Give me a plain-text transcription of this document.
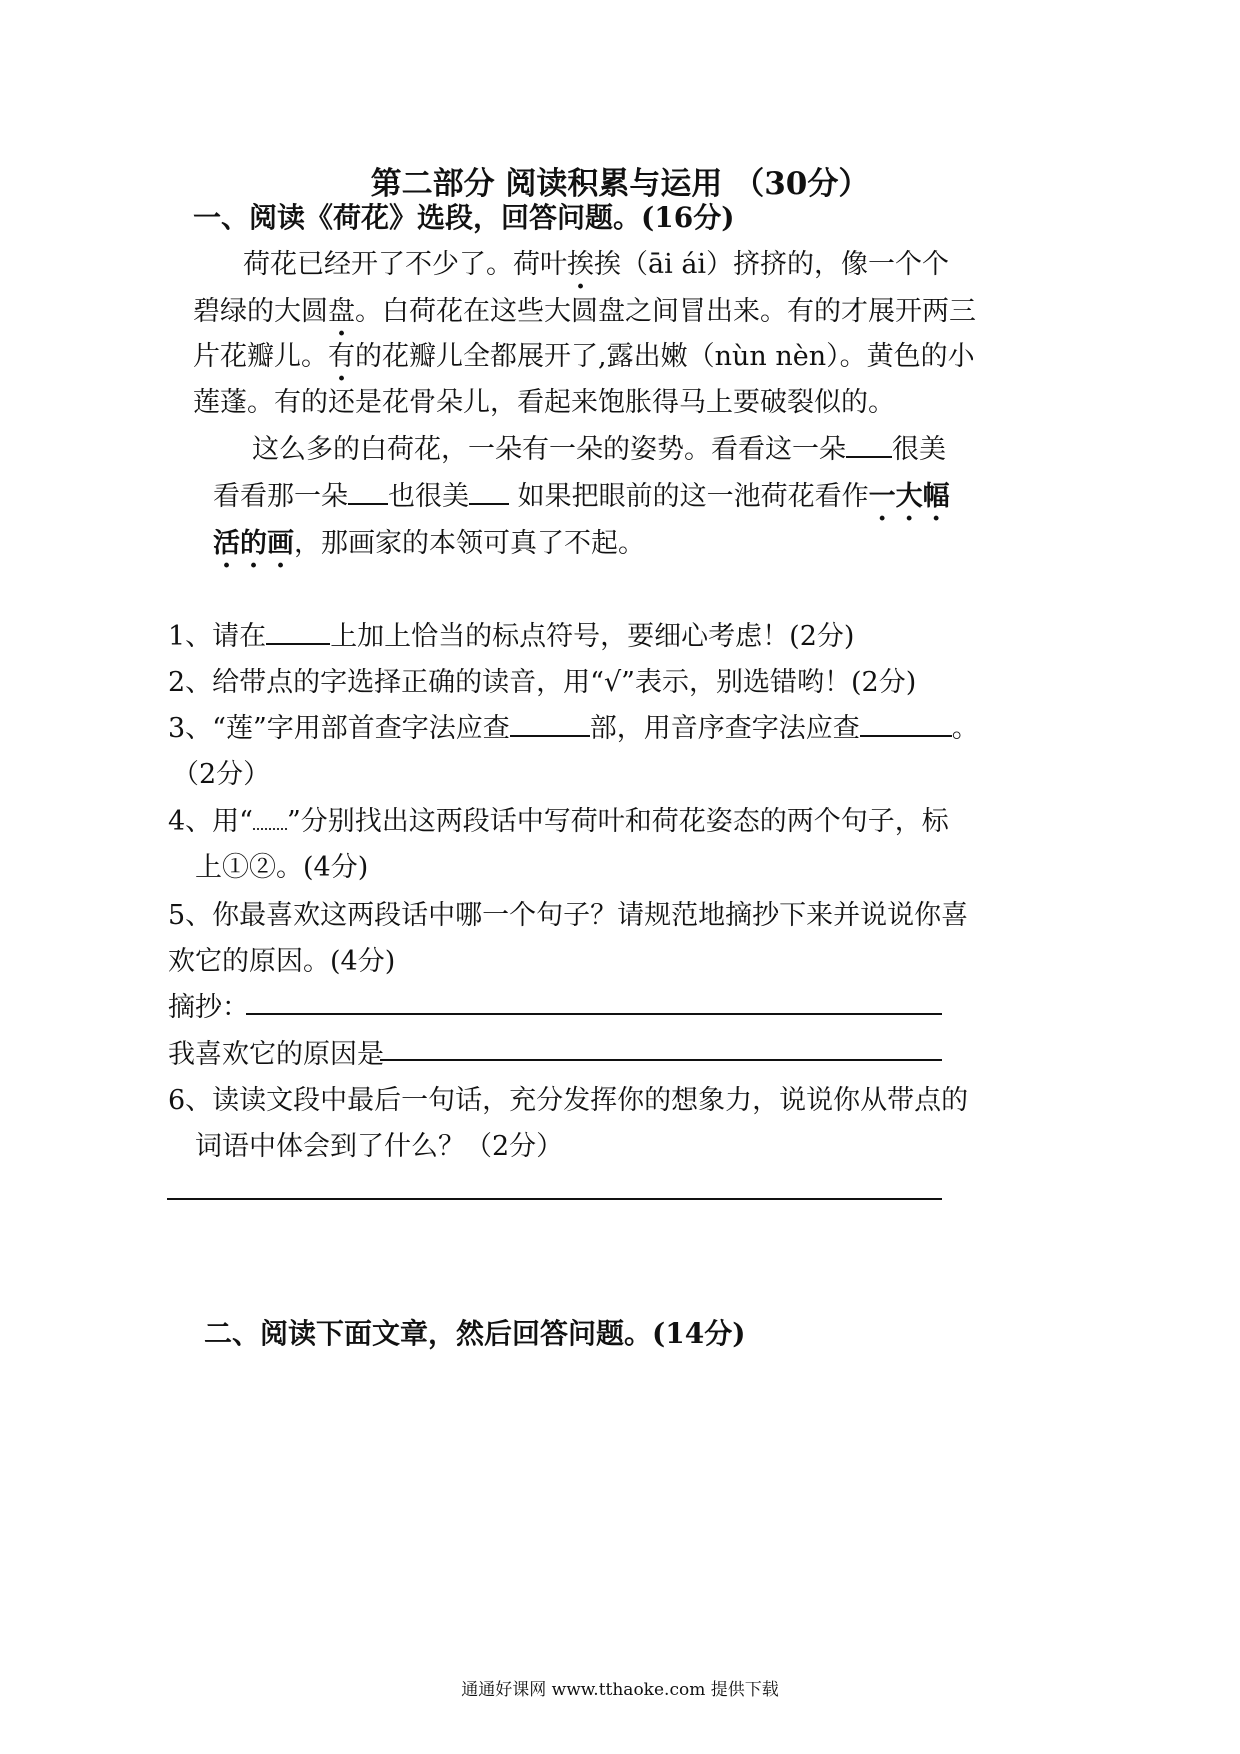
第二部分 阅读积累与运用 （30分）
一、阅读《荷花》选段，回答问题。(16分)
荷花已经开了不少了。荷叶挨挨（āi ái）挤挤的，像一个个
碧绿的大圆盘。白荷花在这些大圆盘之间冒出来。有的才展开两三
片花瓣儿。有的花瓣儿全都展开了,露出嫩（nùn nèn）。黄色的小
莲蓬。有的还是花骨朵儿，看起来饱胀得马上要破裂似的。
这么多的白荷花，一朵有一朵的姿势。看看这一朵 很美
看看那一朵 也很美 如果把眼前的这一池荷花看作一大幅
活的画，那画家的本领可真了不起。
1、请在 上加上恰当的标点符号，要细心考虑！(2分)
2、给带点的字选择正确的读音，用“√”表示，别选错哟！(2分)
3、“莲”字用部首查字法应查	部，用音序查字法应查	。
（2分）
4、用“ ”分别找出这两段话中写荷叶和荷花姿态的两个句子，标
上①②。(4分)
5、你最喜欢这两段话中哪一个句子？请规范地摘抄下来并说说你喜
欢它的原因。(4分)
摘抄：
我喜欢它的原因是
6、读读文段中最后一句话，充分发挥你的想象力，说说你从带点的
词语中体会到了什么？（2分）
二、阅读下面文章，然后回答问题。(14分)
通通好课网 www.tthaoke.com 提供下载
